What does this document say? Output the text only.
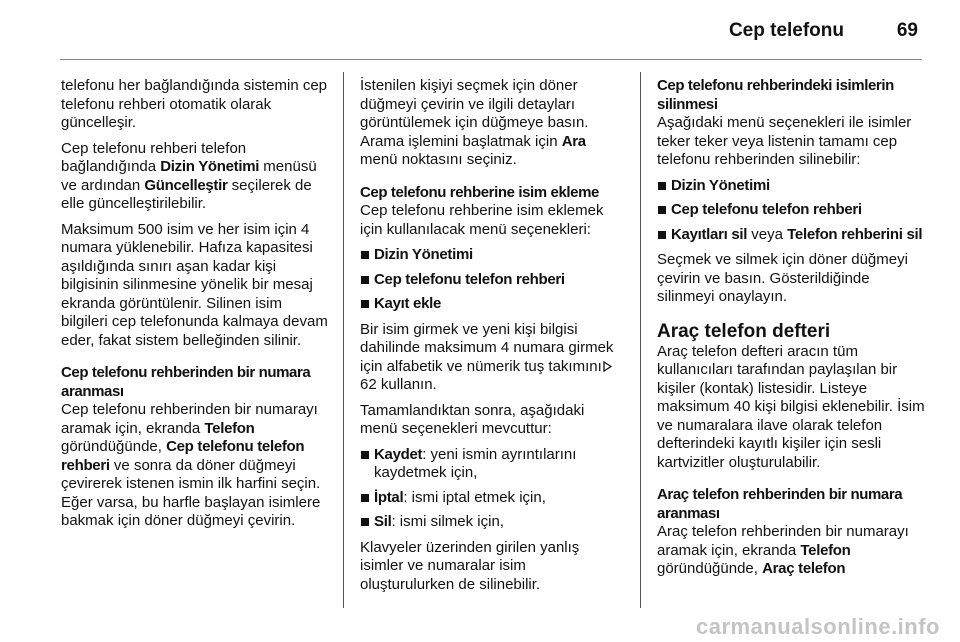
Cep telefonu	69

telefonu her bağlandığında sistemin cep telefonu rehberi otomatik olarak güncelleşir.

Cep telefonu rehberi telefon bağlandığında Dizin Yönetimi menüsü ve ardından Güncelleştir seçilerek de elle güncelleştirilebilir.

Maksimum 500 isim ve her isim için 4 numara yüklenebilir. Hafıza kapasitesi aşıldığında sınırı aşan kadar kişi bilgisinin silinmesine yönelik bir mesaj ekranda görüntülenir. Silinen isim bilgileri cep telefonunda kalmaya devam eder, fakat sistem belleğinden silinir.

Cep telefonu rehberinden bir numara aranması

Cep telefonu rehberinden bir numarayı aramak için, ekranda Telefon göründüğünde, Cep telefonu telefon rehberi ve sonra da döner düğmeyi çevirerek istenen ismin ilk harfini seçin. Eğer varsa, bu harfle başlayan isimlere bakmak için döner düğmeyi çevirin.

İstenilen kişiyi seçmek için döner düğmeyi çevirin ve ilgili detayları görüntülemek için düğmeye basın. Arama işlemini başlatmak için Ara menü noktasını seçiniz.

Cep telefonu rehberine isim ekleme

Cep telefonu rehberine isim eklemek için kullanılacak menü seçenekleri:

Dizin Yönetimi
Cep telefonu telefon rehberi
Kayıt ekle

Bir isim girmek ve yeni kişi bilgisi dahilinde maksimum 4 numara girmek için alfabetik ve nümerik tuş takımını62 kullanın.

Tamamlandıktan sonra, aşağıdaki menü seçenekleri mevcuttur:

Kaydet: yeni ismin ayrıntılarını kaydetmek için,
İptal: ismi iptal etmek için,
Sil: ismi silmek için,

Klavyeler üzerinden girilen yanlış isimler ve numaralar isim oluşturulurken de silinebilir.

Cep telefonu rehberindeki isimlerin silinmesi

Aşağıdaki menü seçenekleri ile isimler teker teker veya listenin tamamı cep telefonu rehberinden silinebilir:

Dizin Yönetimi
Cep telefonu telefon rehberi
Kayıtları sil veya Telefon rehberini sil

Seçmek ve silmek için döner düğmeyi çevirin ve basın. Gösterildiğinde silinmeyi onaylayın.

Araç telefon defteri

Araç telefon defteri aracın tüm kullanıcıları tarafından paylaşılan bir kişiler (kontak) listesidir. Listeye maksimum 40 kişi bilgisi eklenebilir. İsim ve numaralara ilave olarak telefon defterindeki kayıtlı kişiler için sesli kartvizitler oluşturulabilir.

Araç telefon rehberinden bir numara aranması

Araç telefon rehberinden bir numarayı aramak için, ekranda Telefon göründüğünde, Araç telefon

carmanualsonline.info
